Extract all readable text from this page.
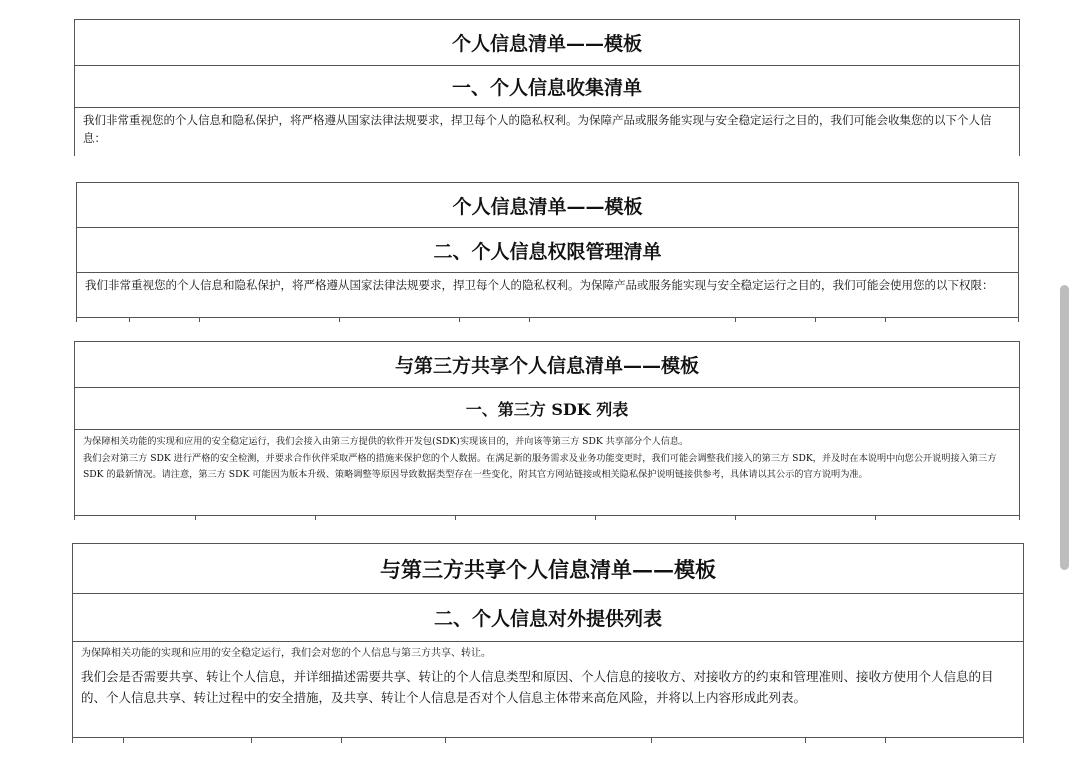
个人信息清单——模板
一、个人信息收集清单

我们非常重视您的个人信息和隐私保护，将严格遵从国家法律法规要求，捍卫每个人的隐私权利。为保障产品或服务能实现与安全稳定运行之目的，我们可能会收集您的以下个人信息：

个人信息清单——模板
二、个人信息权限管理清单

我们非常重视您的个人信息和隐私保护，将严格遵从国家法律法规要求，捍卫每个人的隐私权利。为保障产品或服务能实现与安全稳定运行之目的，我们可能会使用您的以下权限：

与第三方共享个人信息清单——模板
一、第三方 SDK 列表

为保障相关功能的实现和应用的安全稳定运行，我们会接入由第三方提供的软件开发包(SDK)实现该目的，并向该等第三方 SDK 共享部分个人信息。

我们会对第三方 SDK 进行严格的安全检测，并要求合作伙伴采取严格的措施来保护您的个人数据。在满足新的服务需求及业务功能变更时，我们可能会调整我们接入的第三方 SDK，并及时在本说明中向您公开说明接入第三方 SDK 的最新情况。请注意，第三方 SDK 可能因为版本升级、策略调整等原因导致数据类型存在一些变化，附其官方网站链接或相关隐私保护说明链接供参考，具体请以其公示的官方说明为准。

与第三方共享个人信息清单——模板
二、个人信息对外提供列表

为保障相关功能的实现和应用的安全稳定运行，我们会对您的个人信息与第三方共享、转让。

我们会是否需要共享、转让个人信息，并详细描述需要共享、转让的个人信息类型和原因、个人信息的接收方、对接收方的约束和管理准则、接收方使用个人信息的目的、个人信息共享、转让过程中的安全措施，及共享、转让个人信息是否对个人信息主体带来高危风险，并将以上内容形成此列表。
